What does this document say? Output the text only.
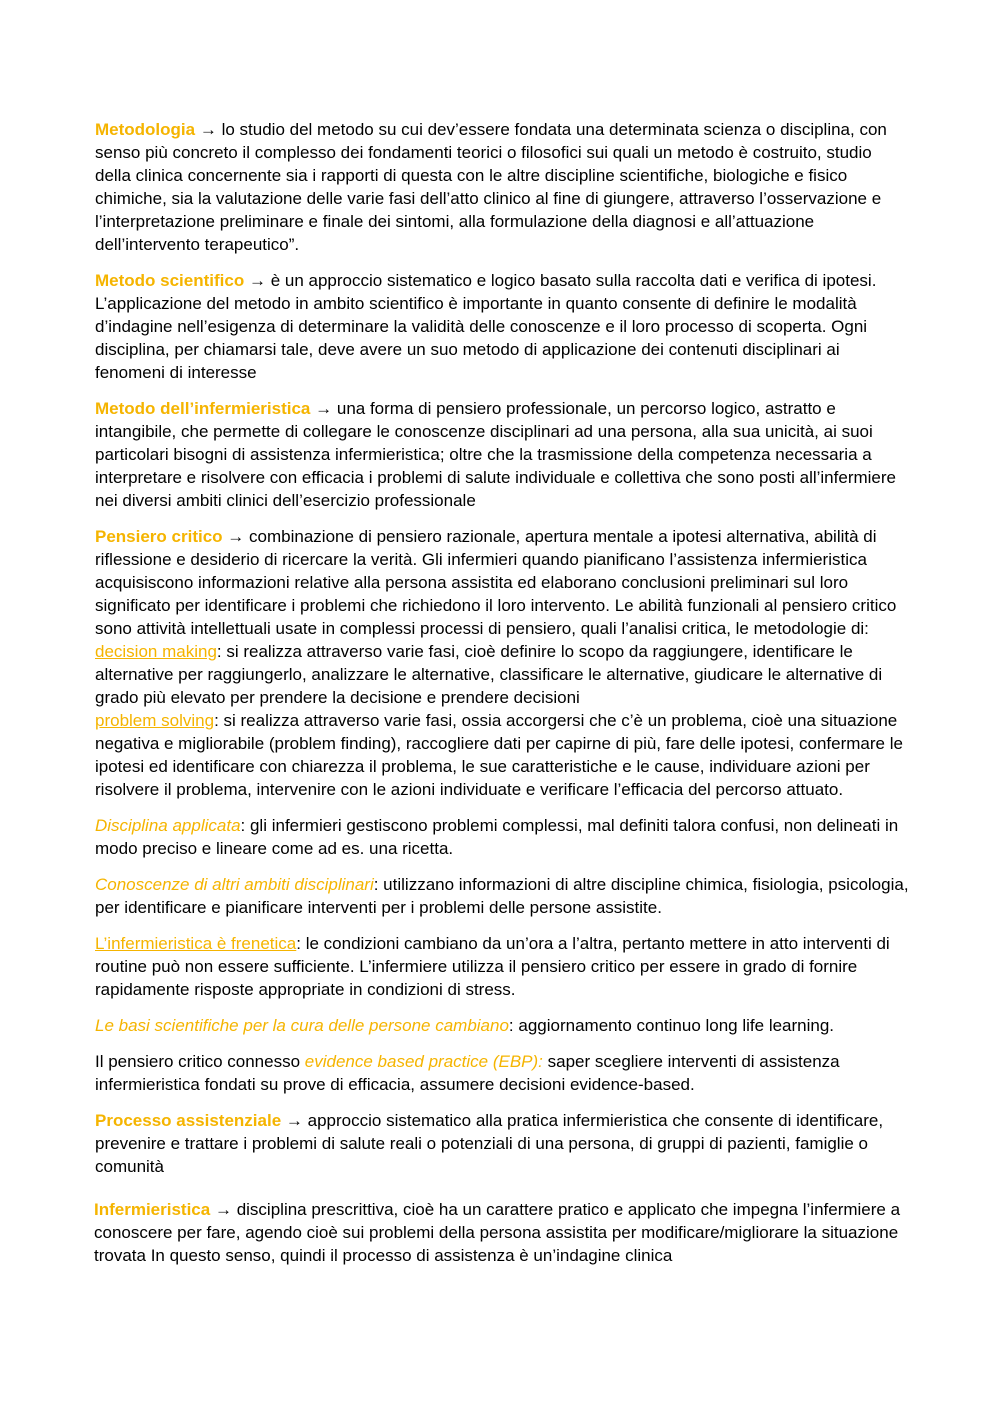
Metodologia → lo studio del metodo su cui dev’essere fondata una determinata scienza o disciplina, con senso più concreto il complesso dei fondamenti teorici o filosofici sui quali un metodo è costruito, studio della clinica concernente sia i rapporti di questa con le altre discipline scientifiche, biologiche e fisico chimiche, sia la valutazione delle varie fasi dell’atto clinico al fine di giungere, attraverso l’osservazione e l’interpretazione preliminare e finale dei sintomi, alla formulazione della diagnosi e all’attuazione dell’intervento terapeutico”.

Metodo scientifico → è un approccio sistematico e logico basato sulla raccolta dati e verifica di ipotesi. L’applicazione del metodo in ambito scientifico è importante in quanto consente di definire le modalità d’indagine nell’esigenza di determinare la validità delle conoscenze e il loro processo di scoperta. Ogni disciplina, per chiamarsi tale, deve avere un suo metodo di applicazione dei contenuti disciplinari ai fenomeni di interesse

Metodo dell’infermieristica → una forma di pensiero professionale, un percorso logico, astratto e intangibile, che permette di collegare le conoscenze disciplinari ad una persona, alla sua unicità, ai suoi particolari bisogni di assistenza infermieristica; oltre che la trasmissione della competenza necessaria a interpretare e risolvere con efficacia i problemi di salute individuale e collettiva che sono posti all’infermiere nei diversi ambiti clinici dell’esercizio professionale

Pensiero critico → combinazione di pensiero razionale, apertura mentale a ipotesi alternativa, abilità di riflessione e desiderio di ricercare la verità. Gli infermieri quando pianificano l’assistenza infermieristica acquisiscono informazioni relative alla persona assistita ed elaborano conclusioni preliminari sul loro significato per identificare i problemi che richiedono il loro intervento. Le abilità funzionali al pensiero critico sono attività intellettuali usate in complessi processi di pensiero, quali l’analisi critica, le metodologie di:
decision making: si realizza attraverso varie fasi, cioè definire lo scopo da raggiungere, identificare le alternative per raggiungerlo, analizzare le alternative, classificare le alternative, giudicare le alternative di grado più elevato per prendere la decisione e prendere decisioni
problem solving: si realizza attraverso varie fasi, ossia accorgersi che c’è un problema, cioè una situazione negativa e migliorabile (problem finding), raccogliere dati per capirne di più, fare delle ipotesi, confermare le ipotesi ed identificare con chiarezza il problema, le sue caratteristiche e le cause, individuare azioni per risolvere il problema, intervenire con le azioni individuate e verificare l’efficacia del percorso attuato.

Disciplina applicata: gli infermieri gestiscono problemi complessi, mal definiti talora confusi, non delineati in modo preciso e lineare come ad es. una ricetta.

Conoscenze di altri ambiti disciplinari: utilizzano informazioni di altre discipline chimica, fisiologia, psicologia, per identificare e pianificare interventi per i problemi delle persone assistite.

L’infermieristica è frenetica: le condizioni cambiano da un’ora a l’altra, pertanto mettere in atto interventi di routine può non essere sufficiente. L’infermiere utilizza il pensiero critico per essere in grado di fornire rapidamente risposte appropriate in condizioni di stress.

Le basi scientifiche per la cura delle persone cambiano: aggiornamento continuo long life learning.

Il pensiero critico connesso evidence based practice (EBP): saper scegliere interventi di assistenza infermieristica fondati su prove di efficacia, assumere decisioni evidence-based.

Processo assistenziale → approccio sistematico alla pratica infermieristica che consente di identificare, prevenire e trattare i problemi di salute reali o potenziali di una persona, di gruppi di pazienti, famiglie o comunità

Infermieristica → disciplina prescrittiva, cioè ha un carattere pratico e applicato che impegna l’infermiere a conoscere per fare, agendo cioè sui problemi della persona assistita per modificare/migliorare la situazione trovata In questo senso, quindi il processo di assistenza è un’indagine clinica
